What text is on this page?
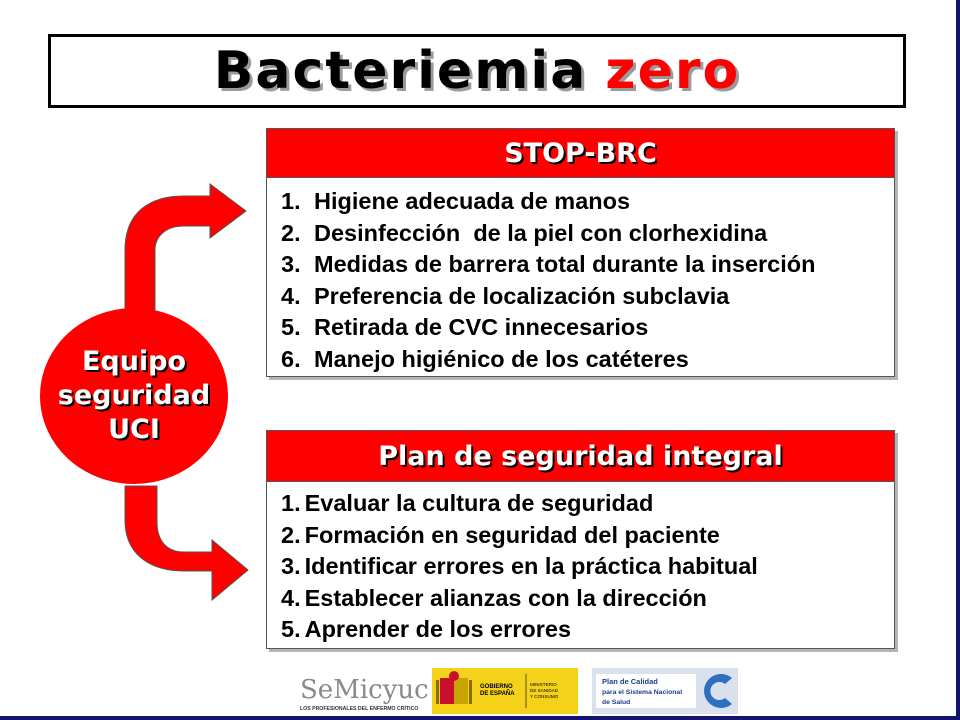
Bacteriemia zero
Equipo
seguridad
UCI
STOP-BRC
1. Higiene adecuada de manos
2. Desinfección  de la piel con clorhexidina
3. Medidas de barrera total durante la inserción
4. Preferencia de localización subclavia
5. Retirada de CVC innecesarios
6. Manejo higiénico de los catéteres
Plan de seguridad integral
1. Evaluar la cultura de seguridad
2. Formación en seguridad del paciente
3. Identificar errores en la práctica habitual
4. Establecer alianzas con la dirección
5. Aprender de los errores
SeMicyuc
LOS PROFESIONALES DEL ENFERMO CRÍTICO
GOBIERNO
DE ESPAÑA
MINISTERIO
DE SANIDAD
Y CONSUMO
Plan de Calidad
para el Sistema Nacional
de Salud
